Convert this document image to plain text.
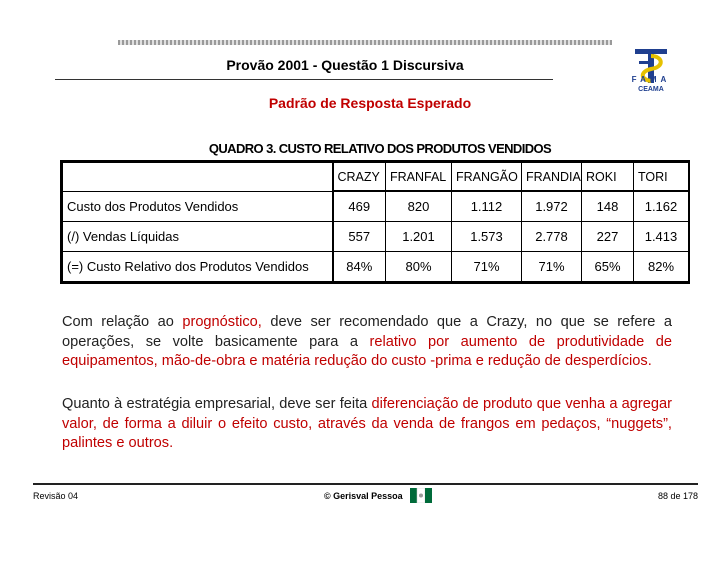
Provão 2001 - Questão 1 Discursiva
Padrão de Resposta Esperado
FAMA
CEAMA
QUADRO 3. CUSTO RELATIVO DOS PRODUTOS VENDIDOS
	CRAZY	FRANFAL	FRANGÃO	FRANDIA	ROKI	TORI
Custo dos Produtos Vendidos	469	820	1.112	1.972	148	1.162
(/) Vendas Líquidas	557	1.201	1.573	2.778	227	1.413
(=) Custo Relativo dos Produtos Vendidos	84%	80%	71%	71%	65%	82%
Com relação ao prognóstico, deve ser recomendado que a Crazy, no que se refere a operações, se volte basicamente para a relativo por aumento de produtividade de equipamentos, mão-de-obra e matéria redução do custo -prima e redução de desperdícios.
Quanto à estratégia empresarial, deve ser feita diferenciação de produto que venha a agregar valor, de forma a diluir o efeito custo, através da venda de frangos em pedaços, “nuggets”, palintes e outros.
Revisão 04	© Gerisval Pessoa	88 de 178
